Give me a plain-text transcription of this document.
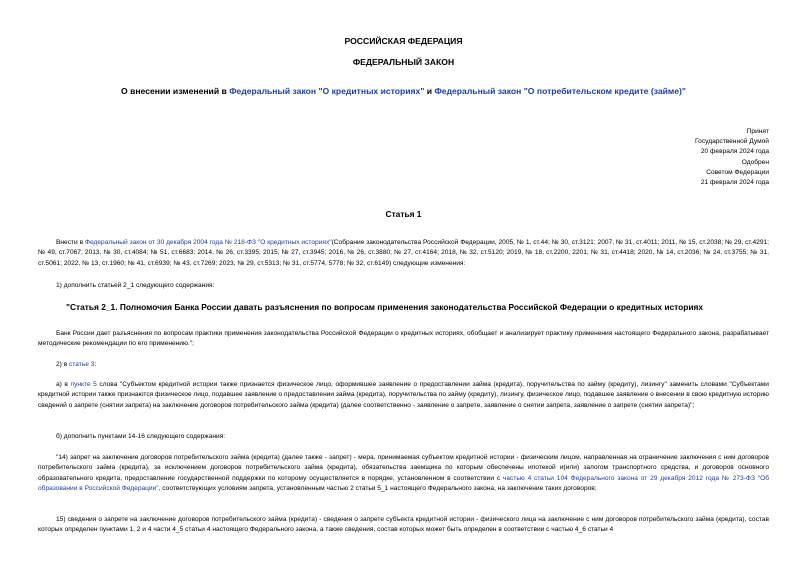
РОССИЙСКАЯ ФЕДЕРАЦИЯ
ФЕДЕРАЛЬНЫЙ ЗАКОН
О внесении изменений в Федеральный закон "О кредитных историях" и Федеральный закон "О потребительском кредите (займе)"
Принят
Государственной Думой
20 февраля 2024 года
Одобрен
Советом Федерации
21 февраля 2024 года
Статья 1
Внести в Федеральный закон от 30 декабря 2004 года № 218-ФЗ "О кредитных историях"(Собрание законодательства Российской Федерации, 2005, № 1, ст.44; № 30, ст.3121; 2007, № 31, ст.4011; 2011, № 15, ст.2038; № 29, ст.4291; № 49, ст.7067; 2013, № 30, ст.4084; № 51, ст.6683; 2014, № 26, ст.3395; 2015, № 27, ст.3945; 2016, № 26, ст.3880; № 27, ст.4164; 2018, № 32, ст.5120; 2019, № 18, ст.2200, 2201; № 31, ст.4418; 2020, № 14, ст.2036; № 24, ст.3755; № 31, ст.5061; 2022, № 13, ст.1960; № 41, ст.6939; № 43, ст.7269; 2023, № 29, ст.5313; № 31, ст.5774, 5778; № 32, ст.6149) следующие изменения:
1) дополнить статьей 2_1 следующего содержания:
"Статья 2_1. Полномочия Банка России давать разъяснения по вопросам применения законодательства Российской Федерации о кредитных историях
Банк России дает разъяснения по вопросам практики применения законодательства Российской Федерации о кредитных историях, обобщает и анализирует практику применения настоящего Федерального закона, разрабатывает методические рекомендации по его применению.";
2) в статье 3:
а) в пункте 5 слова "Субъектом кредитной истории также признается физическое лицо, оформившее заявление о предоставлении займа (кредита), поручительства по займу (кредиту), лизингу" заменить словами "Субъектами кредитной истории также признаются физическое лицо, подавшее заявление о предоставлении займа (кредита), поручительства по займу (кредиту), лизингу, физическое лицо, подавшее заявление о внесении в свою кредитную историю сведений о запрете (снятии запрета) на заключение договоров потребительского займа (кредита) (далее соответственно - заявление о запрете, заявление о снятии запрета, заявление о запрете (снятии запрета)";
б) дополнить пунктами 14-16 следующего содержания:
"14) запрет на заключение договоров потребительского займа (кредита) (далее также - запрет) - мера, принимаемая субъектом кредитной истории - физическим лицом, направленная на ограничение заключения с ним договоров потребительского займа (кредита), за исключением договоров потребительского займа (кредита), обязательства заемщика по которым обеспечены ипотекой и(или) залогом транспортного средства, и договоров основного образовательного кредита, предоставление государственной поддержки по которому осуществляется в порядке, установленном в соответствии с частью 4 статьи 104 Федерального закона от 29 декабря 2012 года № 273-ФЗ "Об образовании в Российской Федерации", соответствующих условиям запрета, установленным частью 2 статьи 5_1 настоящего Федерального закона, на заключение таких договоров;
15) сведения о запрете на заключение договоров потребительского займа (кредита) - сведения о запрете субъекта кредитной истории - физического лица на заключение с ним договоров потребительского займа (кредита), состав которых определен пунктами 1, 2 и 4 части 4_5 статьи 4 настоящего Федерального закона, а также сведения, состав которых может быть определен в соответствии с частью 4_6 статьи 4
